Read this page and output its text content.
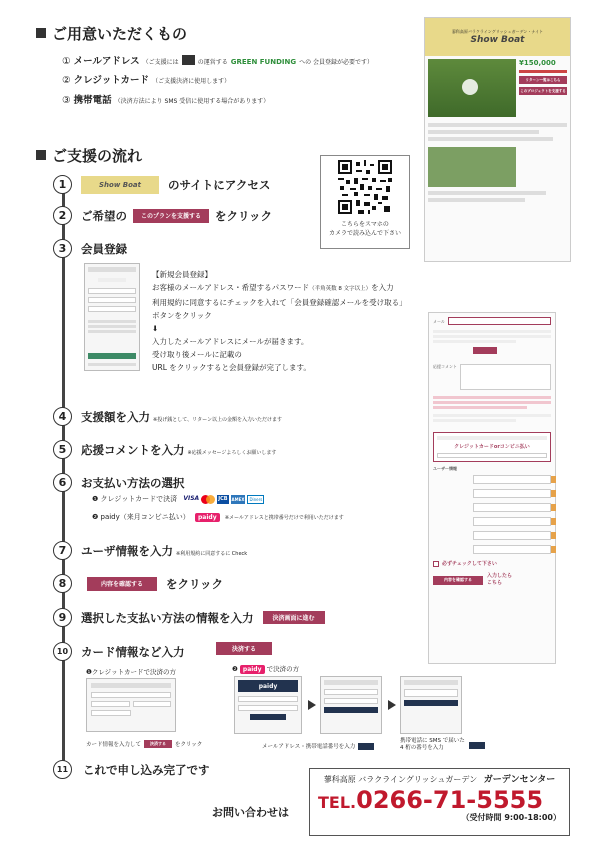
ご用意いただくもの
① メールアドレス （ご支援には	の運営する GREEN FUNDING への 会員登録が必要です）
② クレジットカード （ご支援決済に使用します）
③ 携帯電話 （決済方法により SMS 受信に使用する場合があります）
蓼科高原バラクライングリッシュガーデン・ナイト
Show Boat
¥150,000
リターン一覧はこちら
このプロジェクトを支援する
ご支援の流れ
こちらをスマホの
カメラで読み込んで下さい
1	Show Boat	のサイトにアクセス
2	ご希望の	このプランを支援する	をクリック
3	会員登録
【新規会員登録】
お客様のメールアドレス・希望するパスワード（半角英数 8 文字以上）を入力
利用規約に同意するにチェックを入れて「会員登録確認メールを受け取る」
ボタンをクリック
⬇
入力したメールアドレスにメールが届きます。
受け取り後メールに記載の
URL をクリックすると会員登録が完了します。
メール
応援コメント
クレジットカードorコンビニ払い
ユーザー情報
必ずチェックして下さい
内容を確認する
入力したら
こちら
4	支援額を入力 ※投げ銭として、リターン以上の金額を入力いただけます
5	応援コメントを入力 ※応援メッセージよろしくお願いします
6	お支払い方法の選択
❶ クレジットカードで決済 VISA	JCB AMEX	Diners
❷ paidy（来月コンビニ払い） paidy ※メールアドレスと携帯番号だけで利用いただけます
7	ユーザ情報を入力 ※利用規約に同意するに Check
8	内容を確認する	をクリック
9	選択した支払い方法の情報を入力	決済画面に進む
10	カード情報など入力	決済する
❶クレジットカードで決済の方	❷ paidy で決済の方
カード情報を入力して	決済する	をクリック
paidy
メールアドレス・携帯電話番号を入力
携帯電話に SMS で届いた
4 桁の番号を入力
11	これで申し込み完了です
お問い合わせは
蓼科高原 バラクライングリッシュガーデン ガーデンセンター
TEL.0266-71-5555
（受付時間 9:00-18:00）
